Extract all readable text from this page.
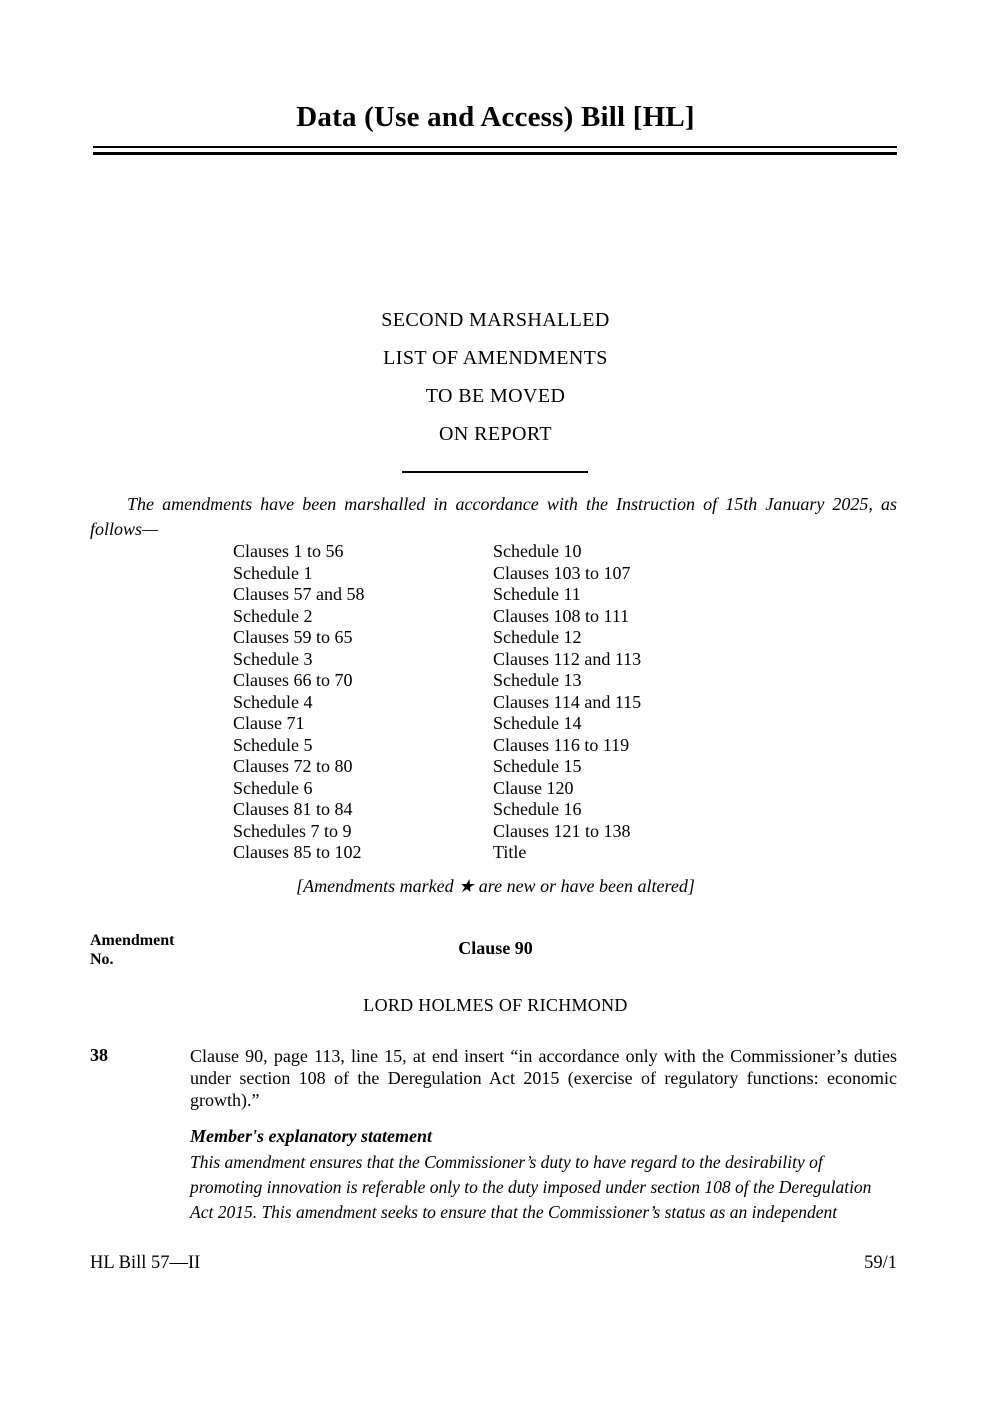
Data (Use and Access) Bill [HL]
SECOND MARSHALLED
LIST OF AMENDMENTS
TO BE MOVED
ON REPORT

The amendments have been marshalled in accordance with the Instruction of 15th January 2025, as follows—

Clauses 1 to 56
Schedule 1
Clauses 57 and 58
Schedule 2
Clauses 59 to 65
Schedule 3
Clauses 66 to 70
Schedule 4
Clause 71
Schedule 5
Clauses 72 to 80
Schedule 6
Clauses 81 to 84
Schedules 7 to 9
Clauses 85 to 102
Schedule 10
Clauses 103 to 107
Schedule 11
Clauses 108 to 111
Schedule 12
Clauses 112 and 113
Schedule 13
Clauses 114 and 115
Schedule 14
Clauses 116 to 119
Schedule 15
Clause 120
Schedule 16
Clauses 121 to 138
Title
[Amendments marked ★ are new or have been altered]
Amendment
No.
Clause 90
LORD HOLMES OF RICHMOND
38	Clause 90, page 113, line 15, at end insert “in accordance only with the Commissioner’s duties under section 108 of the Deregulation Act 2015 (exercise of regulatory functions: economic growth).”

Member's explanatory statement

This amendment ensures that the Commissioner’s duty to have regard to the desirability of promoting innovation is referable only to the duty imposed under section 108 of the Deregulation Act 2015. This amendment seeks to ensure that the Commissioner’s status as an independent

HL Bill 57—II	59/1
